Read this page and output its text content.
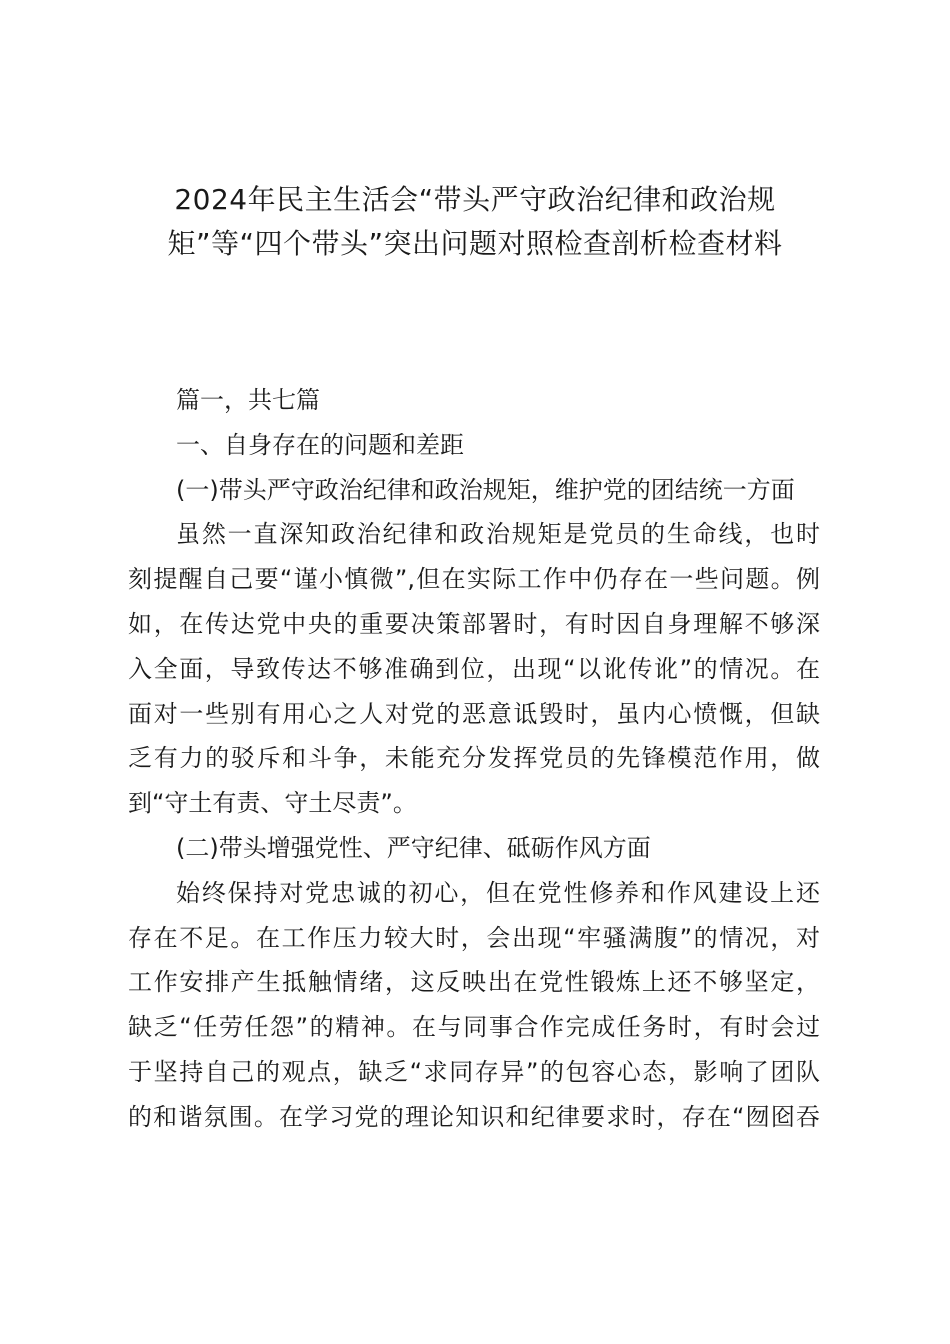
2024年民主生活会“带头严守政治纪律和政治规
矩”等“四个带头”突出问题对照检查剖析检查材料
篇一，共七篇
一、自身存在的问题和差距
(一)带头严守政治纪律和政治规矩，维护党的团结统一方面
虽然一直深知政治纪律和政治规矩是党员的生命线，也时
刻提醒自己要“谨小慎微”,但在实际工作中仍存在一些问题。例
如，在传达党中央的重要决策部署时，有时因自身理解不够深
入全面，导致传达不够准确到位，出现“以讹传讹”的情况。在
面对一些别有用心之人对党的恶意诋毁时，虽内心愤慨，但缺
乏有力的驳斥和斗争，未能充分发挥党员的先锋模范作用，做
到“守土有责、守土尽责”。
(二)带头增强党性、严守纪律、砥砺作风方面
始终保持对党忠诚的初心，但在党性修养和作风建设上还
存在不足。在工作压力较大时，会出现“牢骚满腹”的情况，对
工作安排产生抵触情绪，这反映出在党性锻炼上还不够坚定，
缺乏“任劳任怨”的精神。在与同事合作完成任务时，有时会过
于坚持自己的观点，缺乏“求同存异”的包容心态，影响了团队
的和谐氛围。在学习党的理论知识和纪律要求时，存在“囫囵吞
